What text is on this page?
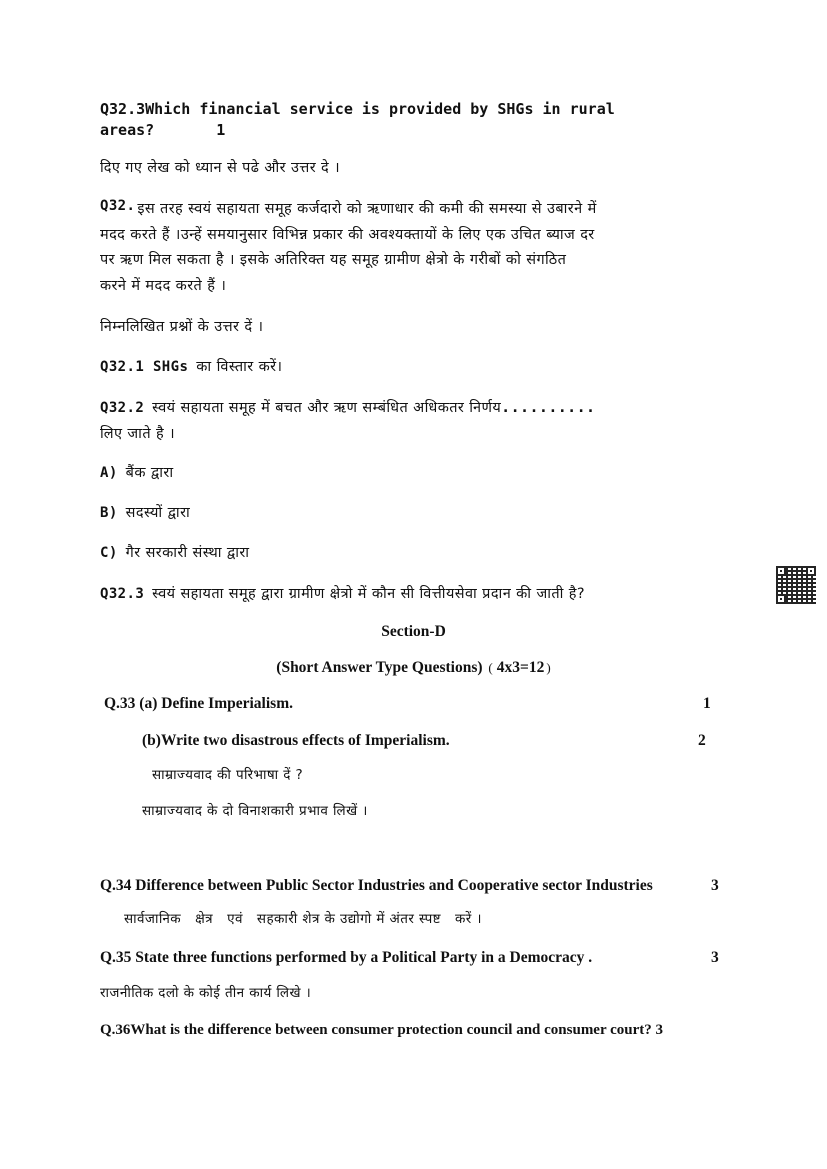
Q32.3Which financial service is provided by SHGs in rural
areas?	1
दिए गए लेख को ध्यान से पढे और उत्तर दे ।
Q32. इस तरह स्वयं सहायता समूह कर्जदारो को ऋणाधार की कमी की समस्या से उबारने में
मदद करते हैं ।उन्हें समयानुसार विभिन्न प्रकार की अवश्यक्तायों के लिए एक उचित ब्याज दर
पर ऋण मिल सकता है । इसके अतिरिक्त यह समूह ग्रामीण क्षेत्रो के गरीबों को संगठित
करने में मदद करते हैं ।
निम्नलिखित प्रश्नों के उत्तर दें ।
Q32.1 SHGs का विस्तार करें।
Q32.2 स्वयं सहायता समूह में बचत और ऋण सम्बंधित अधिकतर निर्णय..........
लिए जाते है ।
A) बैंक द्वारा
B) सदस्यों द्वारा
C) गैर सरकारी संस्था द्वारा
Q32.3 स्वयं सहायता समूह द्वारा ग्रामीण क्षेत्रो में कौन सी वित्तीयसेवा प्रदान की जाती है?
Section-D
(Short Answer Type Questions) ( 4x3=12 )
Q.33 (a) Define Imperialism.	1
(b)Write two disastrous effects of Imperialism.	2
साम्राज्यवाद की परिभाषा दें ?
साम्राज्यवाद के दो विनाशकारी प्रभाव लिखें ।
Q.34 Difference between Public Sector Industries and Cooperative sector Industries	3
सार्वजानिक   क्षेत्र   एवं   सहकारी शेत्र के उद्योगो में अंतर स्पष्ट   करें ।
Q.35 State three functions performed by a Political Party in a Democracy .	3
राजनीतिक दलो के कोई तीन कार्य लिखे ।
Q.36What is the difference between consumer protection council and consumer court? 3
